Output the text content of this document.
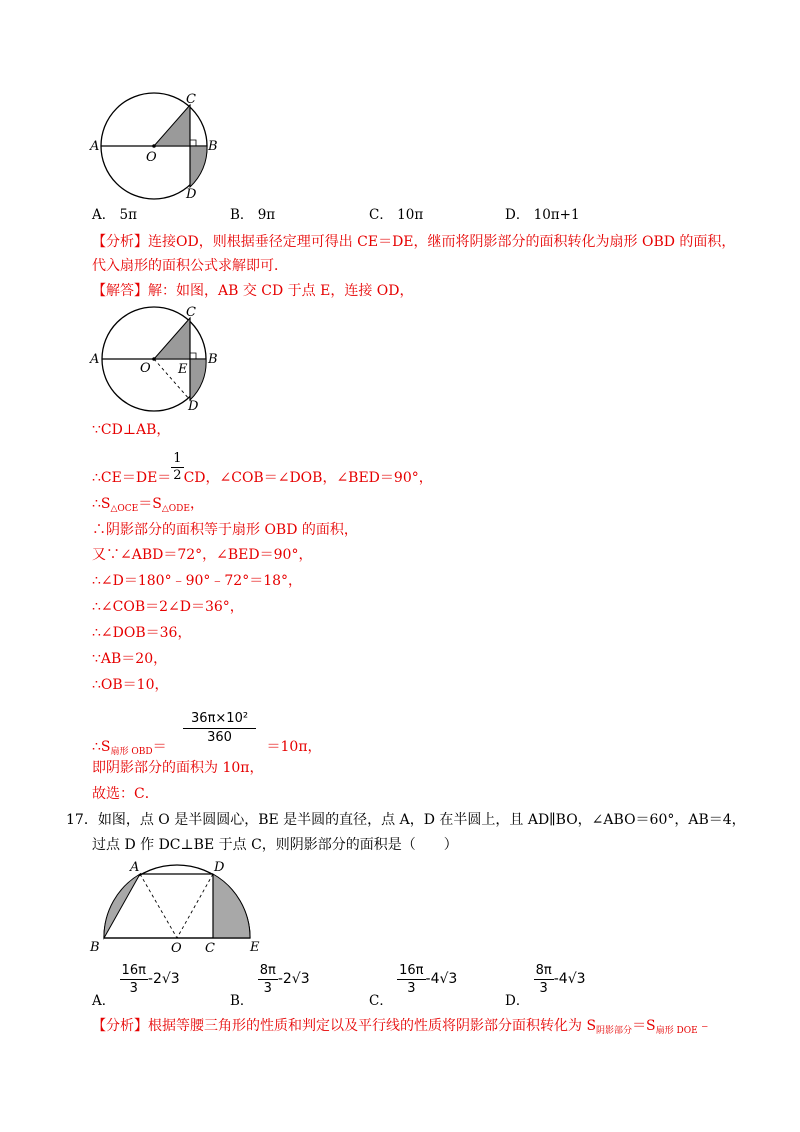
A
C
B
D
O
A． 5π	B． 9π	C． 10π	D． 10π+1
【分析】连接OD，则根据垂径定理可得出 CE＝DE，继而将阴影部分的面积转化为扇形 OBD 的面积，
代入扇形的面积公式求解即可．
【解答】解：如图，AB 交 CD 于点 E，连接 OD，
A
C
B
D
O E
∵CD⊥AB，
∴CE＝DE＝ $\frac{1}{2}$ CD，∠COB＝∠DOB，∠BED＝90°，
$\therefore S_{\triangle OCE}=S_{\triangle ODE}$，
∴阴影部分的面积等于扇形 OBD 的面积，
又∵∠ABD＝72°，∠BED＝90°，
∴∠D＝180°﹣90°﹣72°＝18°，
∴∠COB＝2∠D＝36°，
∴∠DOB＝36，
∵AB＝20，
∴OB＝10，
$\therefore S_{扇形 OBD}= \frac{\text{36π×10²}}{360} =10\pi$，
即阴影部分的面积为 10π，
故选：C．
17．如图，点 O 是半圆圆心，BE 是半圆的直径，点 A，D 在半圆上，且 AD∥BO，∠ABO＝60°，AB＝4，
过点 D 作 DC⊥BE 于点 C，则阴影部分的面积是（　　）
A	D
B	O C	E
A．
$\frac{16\pi}{3} -2√3$
B．
$\frac{8\pi}{3} -2√3$
C．
$\frac{16\pi}{3} -4√3$
D．
$\frac{8\pi}{3} -4√3$
【分析】根据等腰三角形的性质和判定以及平行线的性质将阴影部分面积转化为 $S_{阴影部分}=S_{扇形 DOE}﹣$
